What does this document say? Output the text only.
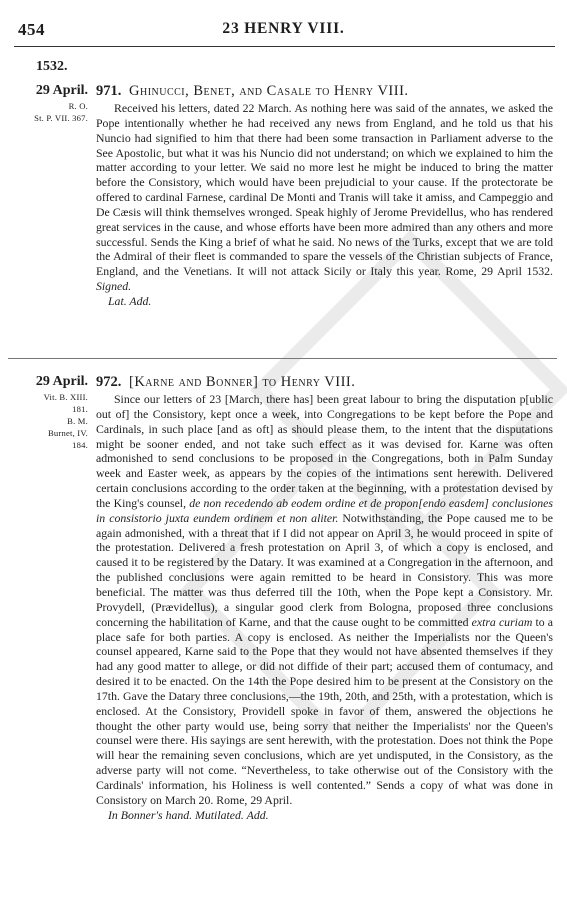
454	23 HENRY VIII.
1532.
29 April.
R. O.
St. P. VII. 367.
971. Ghinucci, Benet, and Casale to Henry VIII.

Received his letters, dated 22 March. As nothing here was said of the annates, we asked the Pope intentionally whether he had received any news from England, and he told us that his Nuncio had signified to him that there had been some transaction in Parliament adverse to the See Apostolic, but what it was his Nuncio did not understand; on which we explained to him the matter according to your letter. We said no more lest he might be induced to bring the matter before the Consistory, which would have been prejudicial to your cause. If the protectorate be offered to cardinal Farnese, cardinal De Monti and Tranis will take it amiss, and Campeggio and De Cæsis will think themselves wronged. Speak highly of Jerome Previdellus, who has rendered great services in the cause, and whose efforts have been more admired than any others and more successful. Sends the King a brief of what he said. No news of the Turks, except that we are told the Admiral of their fleet is commanded to spare the vessels of the Christian subjects of France, England, and the Venetians. It will not attack Sicily or Italy this year. Rome, 29 April 1532. Signed.

Lat. Add.
29 April.
Vit. B. XIII.
181.
B. M.
Burnet, IV.
184.
972. [Karne and Bonner] to Henry VIII.

Since our letters of 23 [March, there has] been great labour to bring the disputation p[ublic out of] the Consistory, kept once a week, into Congregations to be kept before the Pope and Cardinals, in such place [and as oft] as should please them, to the intent that the disputations might be sooner ended, and not take such effect as it was devised for. Karne was often admonished to send conclusions to be proposed in the Congregations, both in Palm Sunday week and Easter week, as appears by the copies of the intimations sent herewith. Delivered certain conclusions according to the order taken at the beginning, with a protestation devised by the King's counsel, de non recedendo ab eodem ordine et de propon[endo easdem] conclusiones in consistorio juxta eundem ordinem et non aliter. Notwithstanding, the Pope caused me to be again admonished, with a threat that if I did not appear on April 3, he would proceed in spite of the protestation. Delivered a fresh protestation on April 3, of which a copy is enclosed, and caused it to be registered by the Datary. It was examined at a Congregation in the afternoon, and the published conclusions were again remitted to be heard in Consistory. This was more beneficial. The matter was thus deferred till the 10th, when the Pope kept a Consistory. Mr. Provydell, (Prævidellus), a singular good clerk from Bologna, proposed three conclusions concerning the habilitation of Karne, and that the cause ought to be committed extra curiam to a place safe for both parties. A copy is enclosed. As neither the Imperialists nor the Queen's counsel appeared, Karne said to the Pope that they would not have absented themselves if they had any good matter to allege, or did not diffide of their part; accused them of contumacy, and desired it to be enacted. On the 14th the Pope desired him to be present at the Consistory on the 17th. Gave the Datary three conclusions,—the 19th, 20th, and 25th, with a protestation, which is enclosed. At the Consistory, Providell spoke in favor of them, answered the objections he thought the other party would use, being sorry that neither the Imperialists' nor the Queen's counsel were there. His sayings are sent herewith, with the protestation. Does not think the Pope will hear the remaining seven conclusions, which are yet undisputed, in the Consistory, as the adverse party will not come. “Nevertheless, to take otherwise out of the Consistory with the Cardinals' information, his Holiness is well contented.” Sends a copy of what was done in Consistory on March 20. Rome, 29 April.

In Bonner's hand. Mutilated. Add.
